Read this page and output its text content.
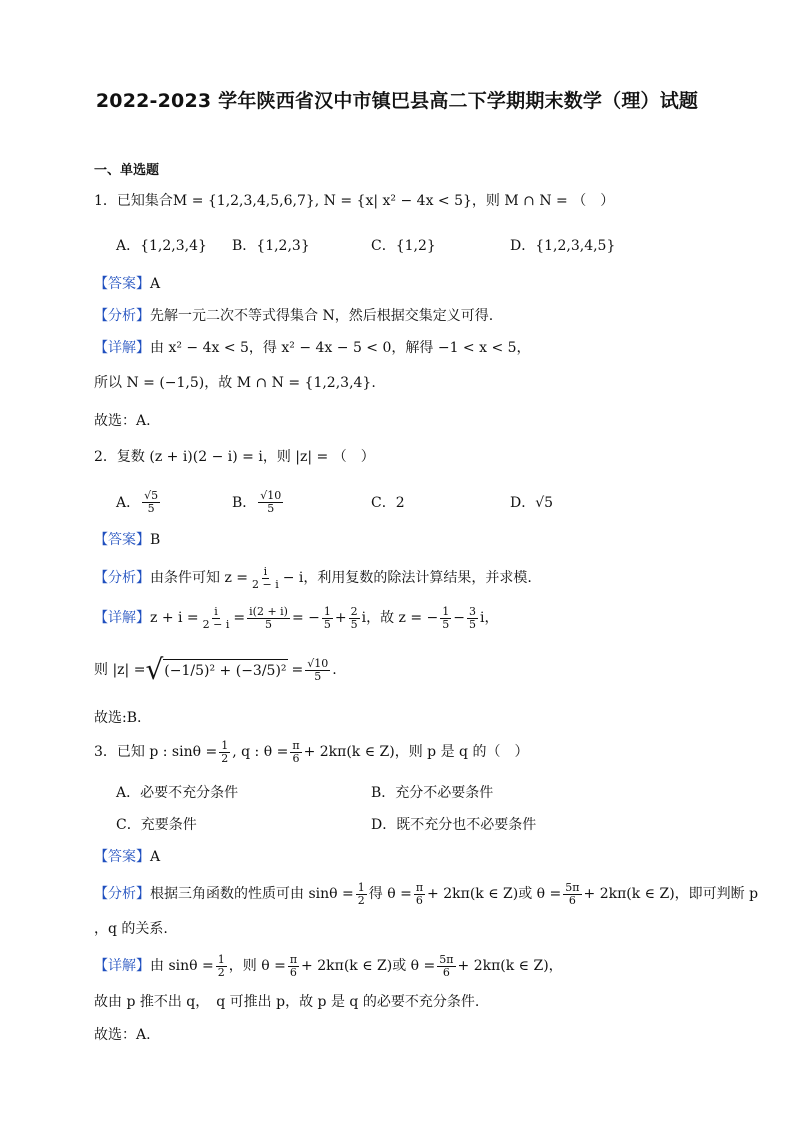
2022-2023 学年陕西省汉中市镇巴县高二下学期期末数学（理）试题
一、单选题
1．已知集合 M = {1,2,3,4,5,6,7} , N = {x| x² − 4x < 5} ，则 M ∩ N = （　）
A．{1,2,3,4} B．{1,2,3}	C．{1,2}	D．{1,2,3,4,5}
【答案】 A
【分析】 先解一元二次不等式得集合 N，然后根据交集定义可得.
【详解】 由 x² − 4x < 5，得 x² − 4x − 5 < 0，解得 −1 < x < 5，
所以 N = (−1,5)，故 M ∩ N = {1,2,3,4}.
故选：A.
2．复数 (z + i)(2 − i) = i，则 |z| = （　）
A． $\frac{√5}{5}$	B． $\frac{√10}{5}$	C．2	D．√5
【答案】 B
【分析】 由条件可知 $z = \frac{i}{2 - i} - i$，利用复数的除法计算结果，并求模.
【详解】 $z + i = \frac{i}{2 - i} = \frac{i(2 + i)}{5}$ = − $\frac{1}{5} + \frac{2}{5}$ i，故 z = − $\frac{1}{5} - \frac{3}{5}$ i，
则 |z| = √ $(-1/5)^2 + (-3/5)^2 = \frac{√10}{5}$ .
故选:B.
3．已知 p : $\sin\theta = \frac{1}{2}$ , q : $\theta = \frac{\pi}{6} + 2k\pi(k$ ∈ Z)，则 p 是 q 的（　）
A．必要不充分条件	B．充分不必要条件
C．充要条件	D．既不充分也不必要条件
【答案】 A
【分析】 根据三角函数的性质可由 $\sin\theta = \frac{1}{2}$ 得 $\theta = \frac{\pi}{6} + 2k\pi(k$ ∈ Z)或 $\theta = \frac{5\pi}{6} + 2k\pi(k$ ∈ Z)，即可判断 p
，q 的关系.
【详解】 由 $\sin\theta = \frac{1}{2}$ ，则 $\theta = \frac{\pi}{6} + 2k\pi(k$ ∈ Z)或 $\theta = \frac{5\pi}{6} + 2k\pi(k$ ∈ Z)，
故由 p 推不出 q，　q 可推出 p，故 p 是 q 的必要不充分条件.
故选：A.
